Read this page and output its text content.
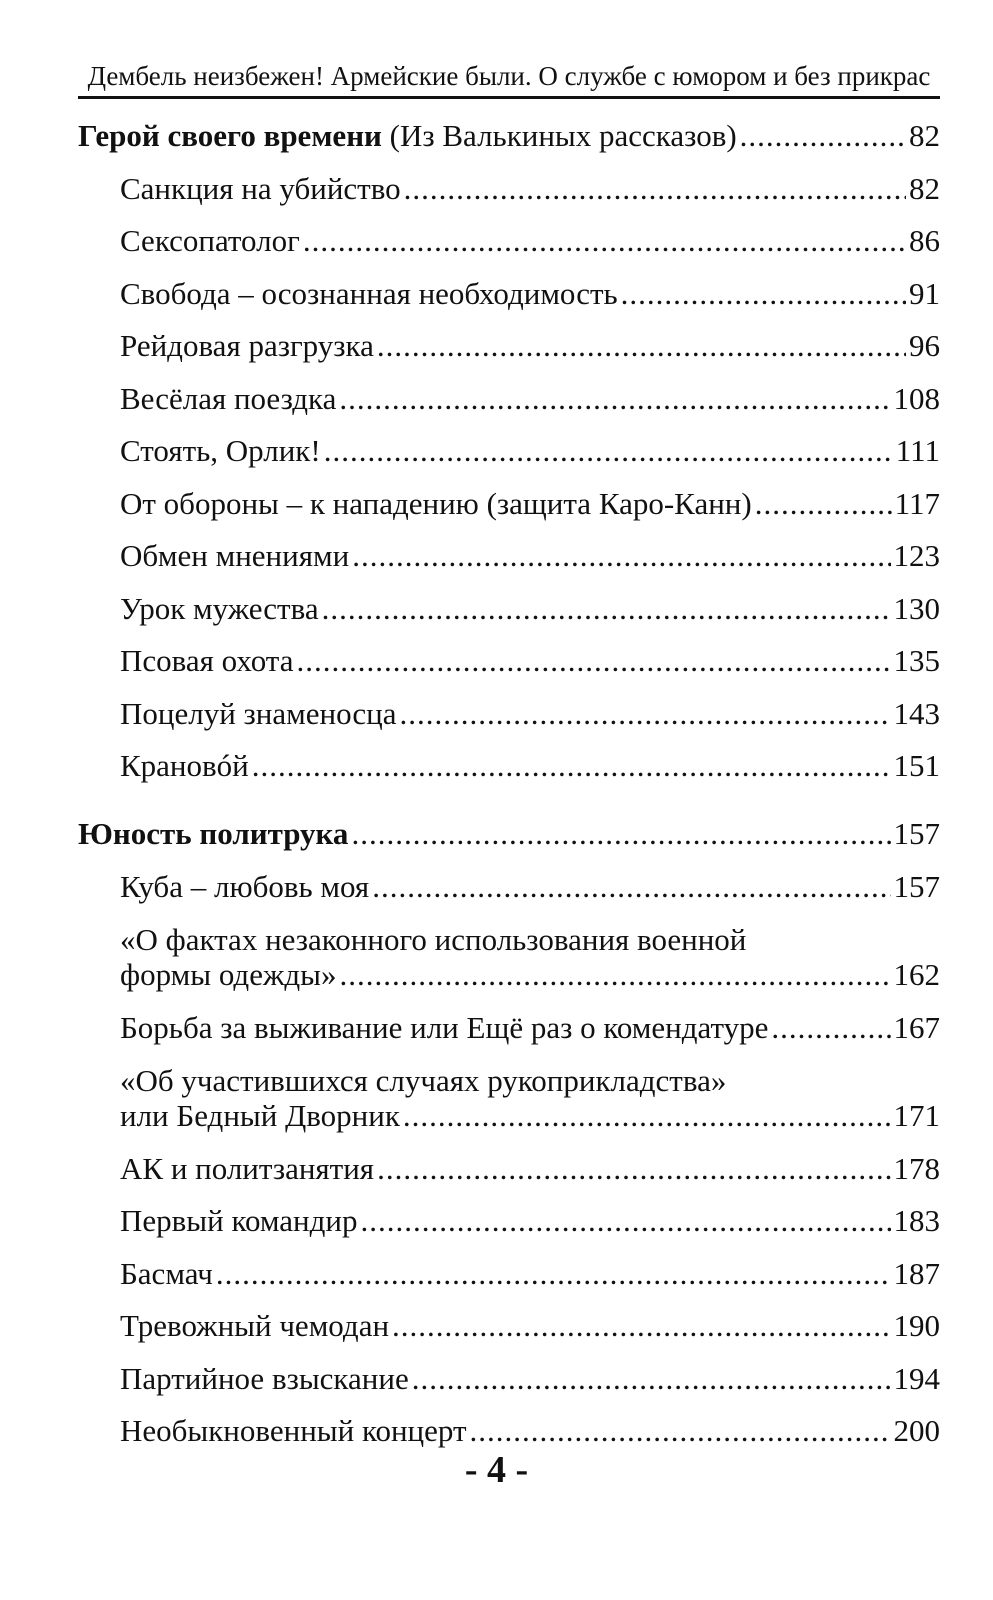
Дембель неизбежен! Армейские были. О службе с юмором и без прикрас
Герой своего времени (Из Валькиных рассказов) .....	82
Санкция на убийство .....	82
Сексопатолог .....	86
Свобода – осознанная необходимость .....	91
Рейдовая разгрузка .....	96
Весёлая поездка .....	108
Стоять, Орлик! .....	111
От обороны – к нападению (защита Каро-Канн) .....	117
Обмен мнениями .....	123
Урок мужества .....	130
Псовая охота .....	135
Поцелуй знаменосца .....	143
Крановóй .....	151
Юность политрука .....	157
Куба – любовь моя .....	157
«О фактах незаконного использования военной
формы одежды» .....	162
Борьба за выживание или Ещё раз о комендатуре .....	167
«Об участившихся случаях рукоприкладства»
или Бедный Дворник .....	171
АК и политзанятия .....	178
Первый командир .....	183
Басмач .....	187
Тревожный чемодан .....	190
Партийное взыскание .....	194
Необыкновенный концерт .....	200
- 4 -
